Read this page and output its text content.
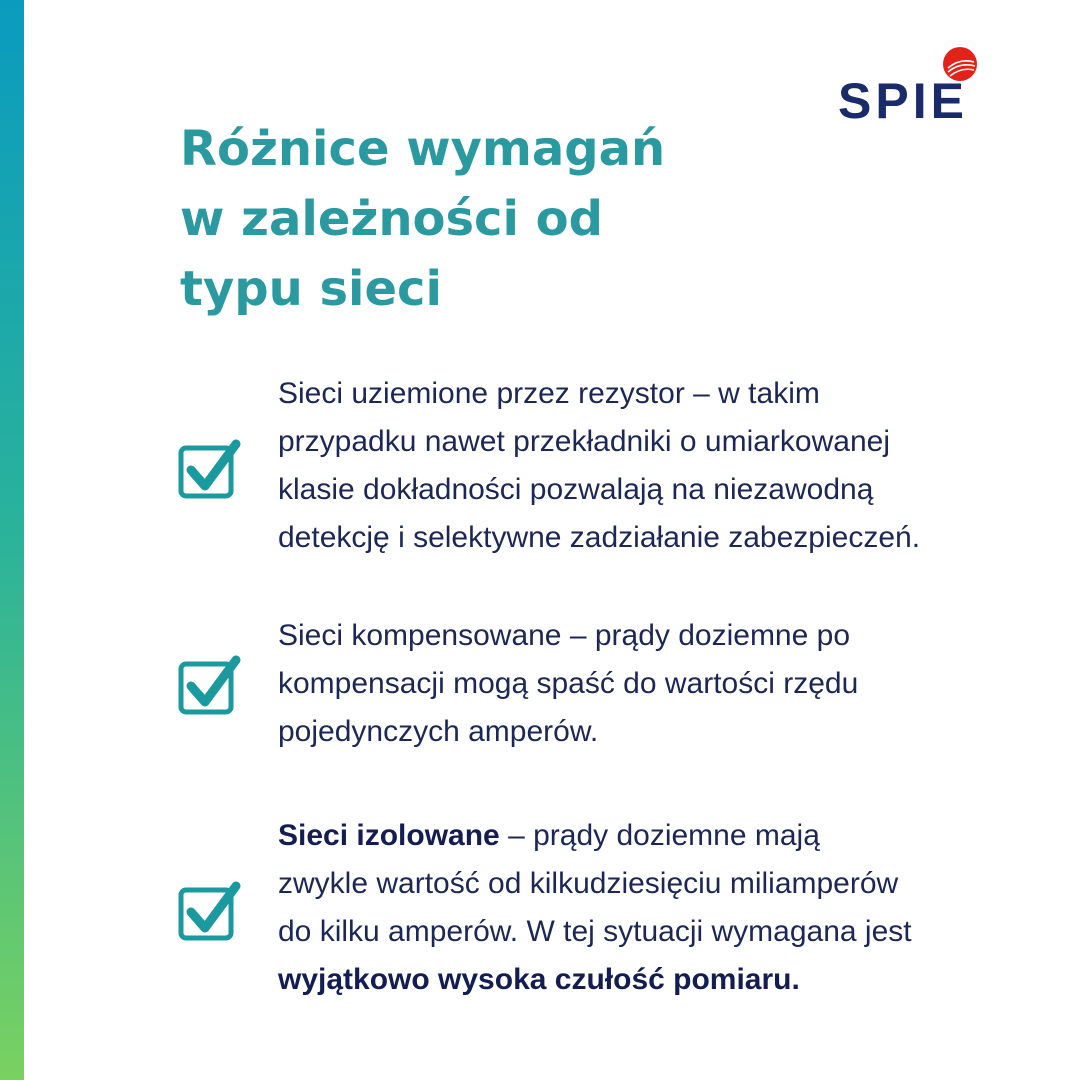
SPIE
Różnice wymagań
w zależności od
typu sieci
Sieci uziemione przez rezystor – w takim
przypadku nawet przekładniki o umiarkowanej
klasie dokładności pozwalają na niezawodną
detekcję i selektywne zadziałanie zabezpieczeń.
Sieci kompensowane – prądy doziemne po
kompensacji mogą spaść do wartości rzędu
pojedynczych amperów.
Sieci izolowane – prądy doziemne mają
zwykle wartość od kilkudziesięciu miliamperów
do kilku amperów. W tej sytuacji wymagana jest
wyjątkowo wysoka czułość pomiaru.
